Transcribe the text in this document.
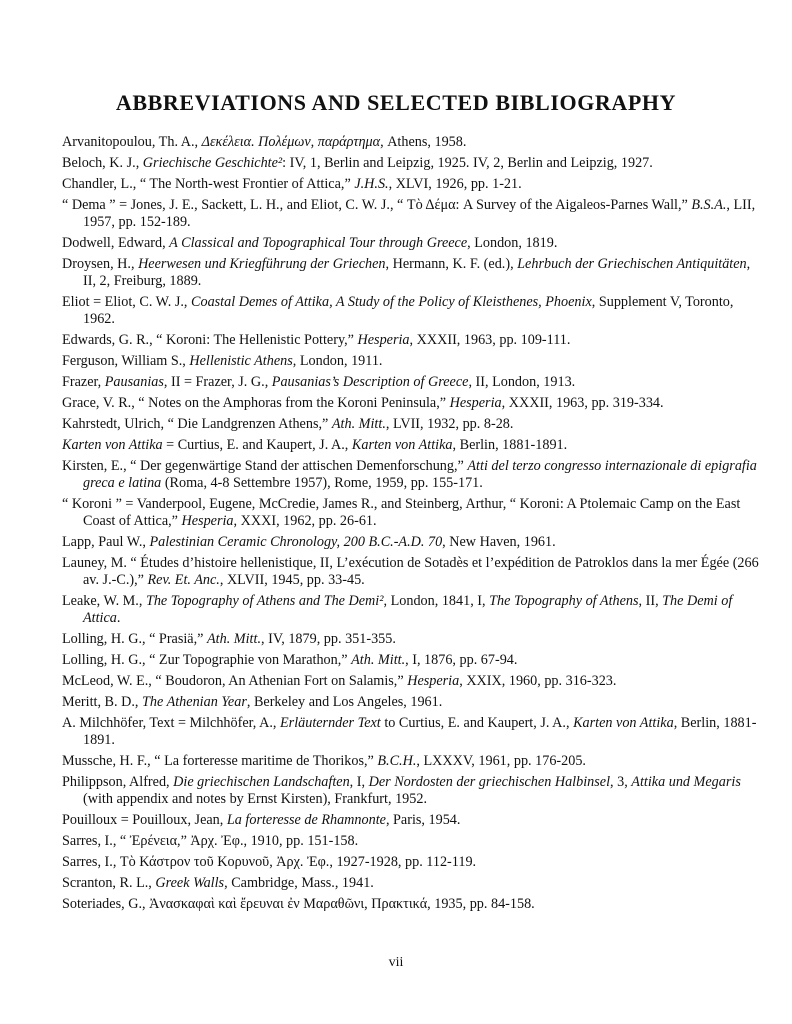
ABBREVIATIONS AND SELECTED BIBLIOGRAPHY

Arvanitopoulou, Th. A., Δεκέλεια. Πολέμων, παράρτημα, Athens, 1958.

Beloch, K. J., Griechische Geschichte²: IV, 1, Berlin and Leipzig, 1925. IV, 2, Berlin and Leipzig, 1927.

Chandler, L., “ The North-west Frontier of Attica,” J.H.S., XLVI, 1926, pp. 1-21.

“ Dema ” = Jones, J. E., Sackett, L. H., and Eliot, C. W. J., “ Τὸ Δέμα: A Survey of the Aigaleos-Parnes Wall,” B.S.A., LII, 1957, pp. 152-189.

Dodwell, Edward, A Classical and Topographical Tour through Greece, London, 1819.

Droysen, H., Heerwesen und Kriegführung der Griechen, Hermann, K. F. (ed.), Lehrbuch der Griechischen Antiquitäten, II, 2, Freiburg, 1889.

Eliot = Eliot, C. W. J., Coastal Demes of Attika, A Study of the Policy of Kleisthenes, Phoenix, Supplement V, Toronto, 1962.

Edwards, G. R., “ Koroni: The Hellenistic Pottery,” Hesperia, XXXII, 1963, pp. 109-111.

Ferguson, William S., Hellenistic Athens, London, 1911.

Frazer, Pausanias, II = Frazer, J. G., Pausanias’s Description of Greece, II, London, 1913.

Grace, V. R., “ Notes on the Amphoras from the Koroni Peninsula,” Hesperia, XXXII, 1963, pp. 319-334.

Kahrstedt, Ulrich, “ Die Landgrenzen Athens,” Ath. Mitt., LVII, 1932, pp. 8-28.

Karten von Attika = Curtius, E. and Kaupert, J. A., Karten von Attika, Berlin, 1881-1891.

Kirsten, E., “ Der gegenwärtige Stand der attischen Demenforschung,” Atti del terzo congresso internazionale di epigrafia greca e latina (Roma, 4-8 Settembre 1957), Rome, 1959, pp. 155-171.

“ Koroni ” = Vanderpool, Eugene, McCredie, James R., and Steinberg, Arthur, “ Koroni: A Ptolemaic Camp on the East Coast of Attica,” Hesperia, XXXI, 1962, pp. 26-61.

Lapp, Paul W., Palestinian Ceramic Chronology, 200 B.C.-A.D. 70, New Haven, 1961.

Launey, M. “ Études d’histoire hellenistique, II, L’exécution de Sotadès et l’expédition de Patroklos dans la mer Égée (266 av. J.-C.),” Rev. Et. Anc., XLVII, 1945, pp. 33-45.

Leake, W. M., The Topography of Athens and The Demi², London, 1841, I, The Topography of Athens, II, The Demi of Attica.

Lolling, H. G., “ Prasiä,” Ath. Mitt., IV, 1879, pp. 351-355.

Lolling, H. G., “ Zur Topographie von Marathon,” Ath. Mitt., I, 1876, pp. 67-94.

McLeod, W. E., “ Boudoron, An Athenian Fort on Salamis,” Hesperia, XXIX, 1960, pp. 316-323.

Meritt, B. D., The Athenian Year, Berkeley and Los Angeles, 1961.

A. Milchhöfer, Text = Milchhöfer, A., Erläuternder Text to Curtius, E. and Kaupert, J. A., Karten von Attika, Berlin, 1881-1891.

Mussche, H. F., “ La forteresse maritime de Thorikos,” B.C.H., LXXXV, 1961, pp. 176-205.

Philippson, Alfred, Die griechischen Landschaften, I, Der Nordosten der griechischen Halbinsel, 3, Attika und Megaris (with appendix and notes by Ernst Kirsten), Frankfurt, 1952.

Pouilloux = Pouilloux, Jean, La forteresse de Rhamnonte, Paris, 1954.

Sarres, I., “ Ἐρένεια,” Ἀρχ. Ἐφ., 1910, pp. 151-158.

Sarres, I., Τὸ Κάστρον τοῦ Κορυνοῦ, Ἀρχ. Ἐφ., 1927-1928, pp. 112-119.

Scranton, R. L., Greek Walls, Cambridge, Mass., 1941.

Soteriades, G., Ἀνασκαφαὶ καὶ ἔρευναι ἐν Μαραθῶνι, Πρακτικά, 1935, pp. 84-158.

vii
